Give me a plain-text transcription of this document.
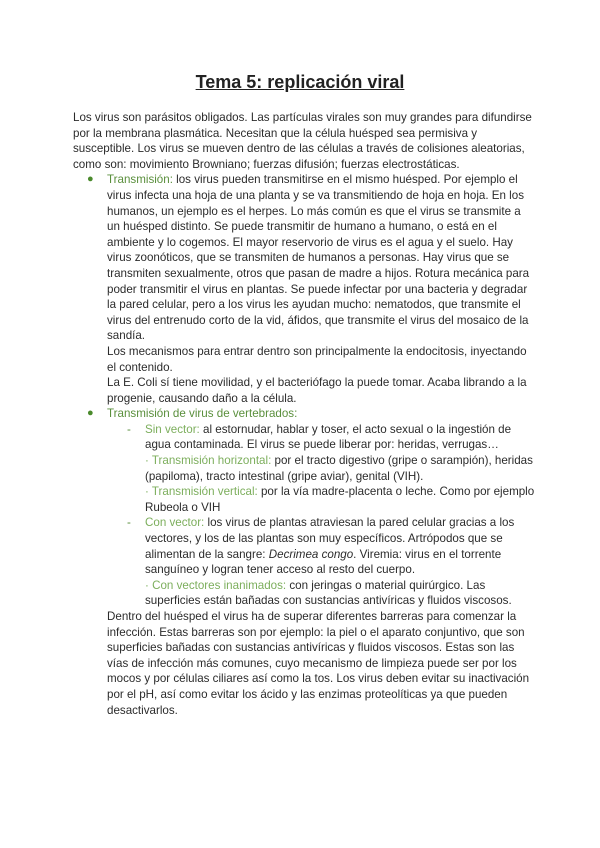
Tema 5: replicación viral

Los virus son parásitos obligados. Las partículas virales son muy grandes para difundirse por la membrana plasmática. Necesitan que la célula huésped sea permisiva y susceptible. Los virus se mueven dentro de las células a través de colisiones aleatorias, como son: movimiento Browniano; fuerzas difusión; fuerzas electrostáticas.

● Transmisión: los virus pueden transmitirse en el mismo huésped. Por ejemplo el virus infecta una hoja de una planta y se va transmitiendo de hoja en hoja. En los humanos, un ejemplo es el herpes. Lo más común es que el virus se transmite a un huésped distinto. Se puede transmitir de humano a humano, o está en el ambiente y lo cogemos. El mayor reservorio de virus es el agua y el suelo. Hay virus zoonóticos, que se transmiten de humanos a personas. Hay virus que se transmiten sexualmente, otros que pasan de madre a hijos. Rotura mecánica para poder transmitir el virus en plantas. Se puede infectar por una bacteria y degradar la pared celular, pero a los virus les ayudan mucho: nematodos, que transmite el virus del entrenudo corto de la vid, áfidos, que transmite el virus del mosaico de la sandía.

Los mecanismos para entrar dentro son principalmente la endocitosis, inyectando el contenido.

La E. Coli sí tiene movilidad, y el bacteriófago la puede tomar. Acaba librando a la progenie, causando daño a la célula.

● Transmisión de virus de vertebrados:

- Sin vector: al estornudar, hablar y toser, el acto sexual o la ingestión de agua contaminada. El virus se puede liberar por: heridas, verrugas…

· Transmisión horizontal: por el tracto digestivo (gripe o sarampión), heridas (papiloma), tracto intestinal (gripe aviar), genital (VIH).

· Transmisión vertical: por la vía madre-placenta o leche. Como por ejemplo Rubeola o VIH

- Con vector: los virus de plantas atraviesan la pared celular gracias a los vectores, y los de las plantas son muy específicos. Artrópodos que se alimentan de la sangre: Decrimea congo. Viremia: virus en el torrente sanguíneo y logran tener acceso al resto del cuerpo.

· Con vectores inanimados: con jeringas o material quirúrgico. Las superficies están bañadas con sustancias antivíricas y fluidos viscosos.

Dentro del huésped el virus ha de superar diferentes barreras para comenzar la infección. Estas barreras son por ejemplo: la piel o el aparato conjuntivo, que son superficies bañadas con sustancias antivíricas y fluidos viscosos. Estas son las vías de infección más comunes, cuyo mecanismo de limpieza puede ser por los mocos y por células ciliares así como la tos. Los virus deben evitar su inactivación por el pH, así como evitar los ácido y las enzimas proteolíticas ya que pueden desactivarlos.
